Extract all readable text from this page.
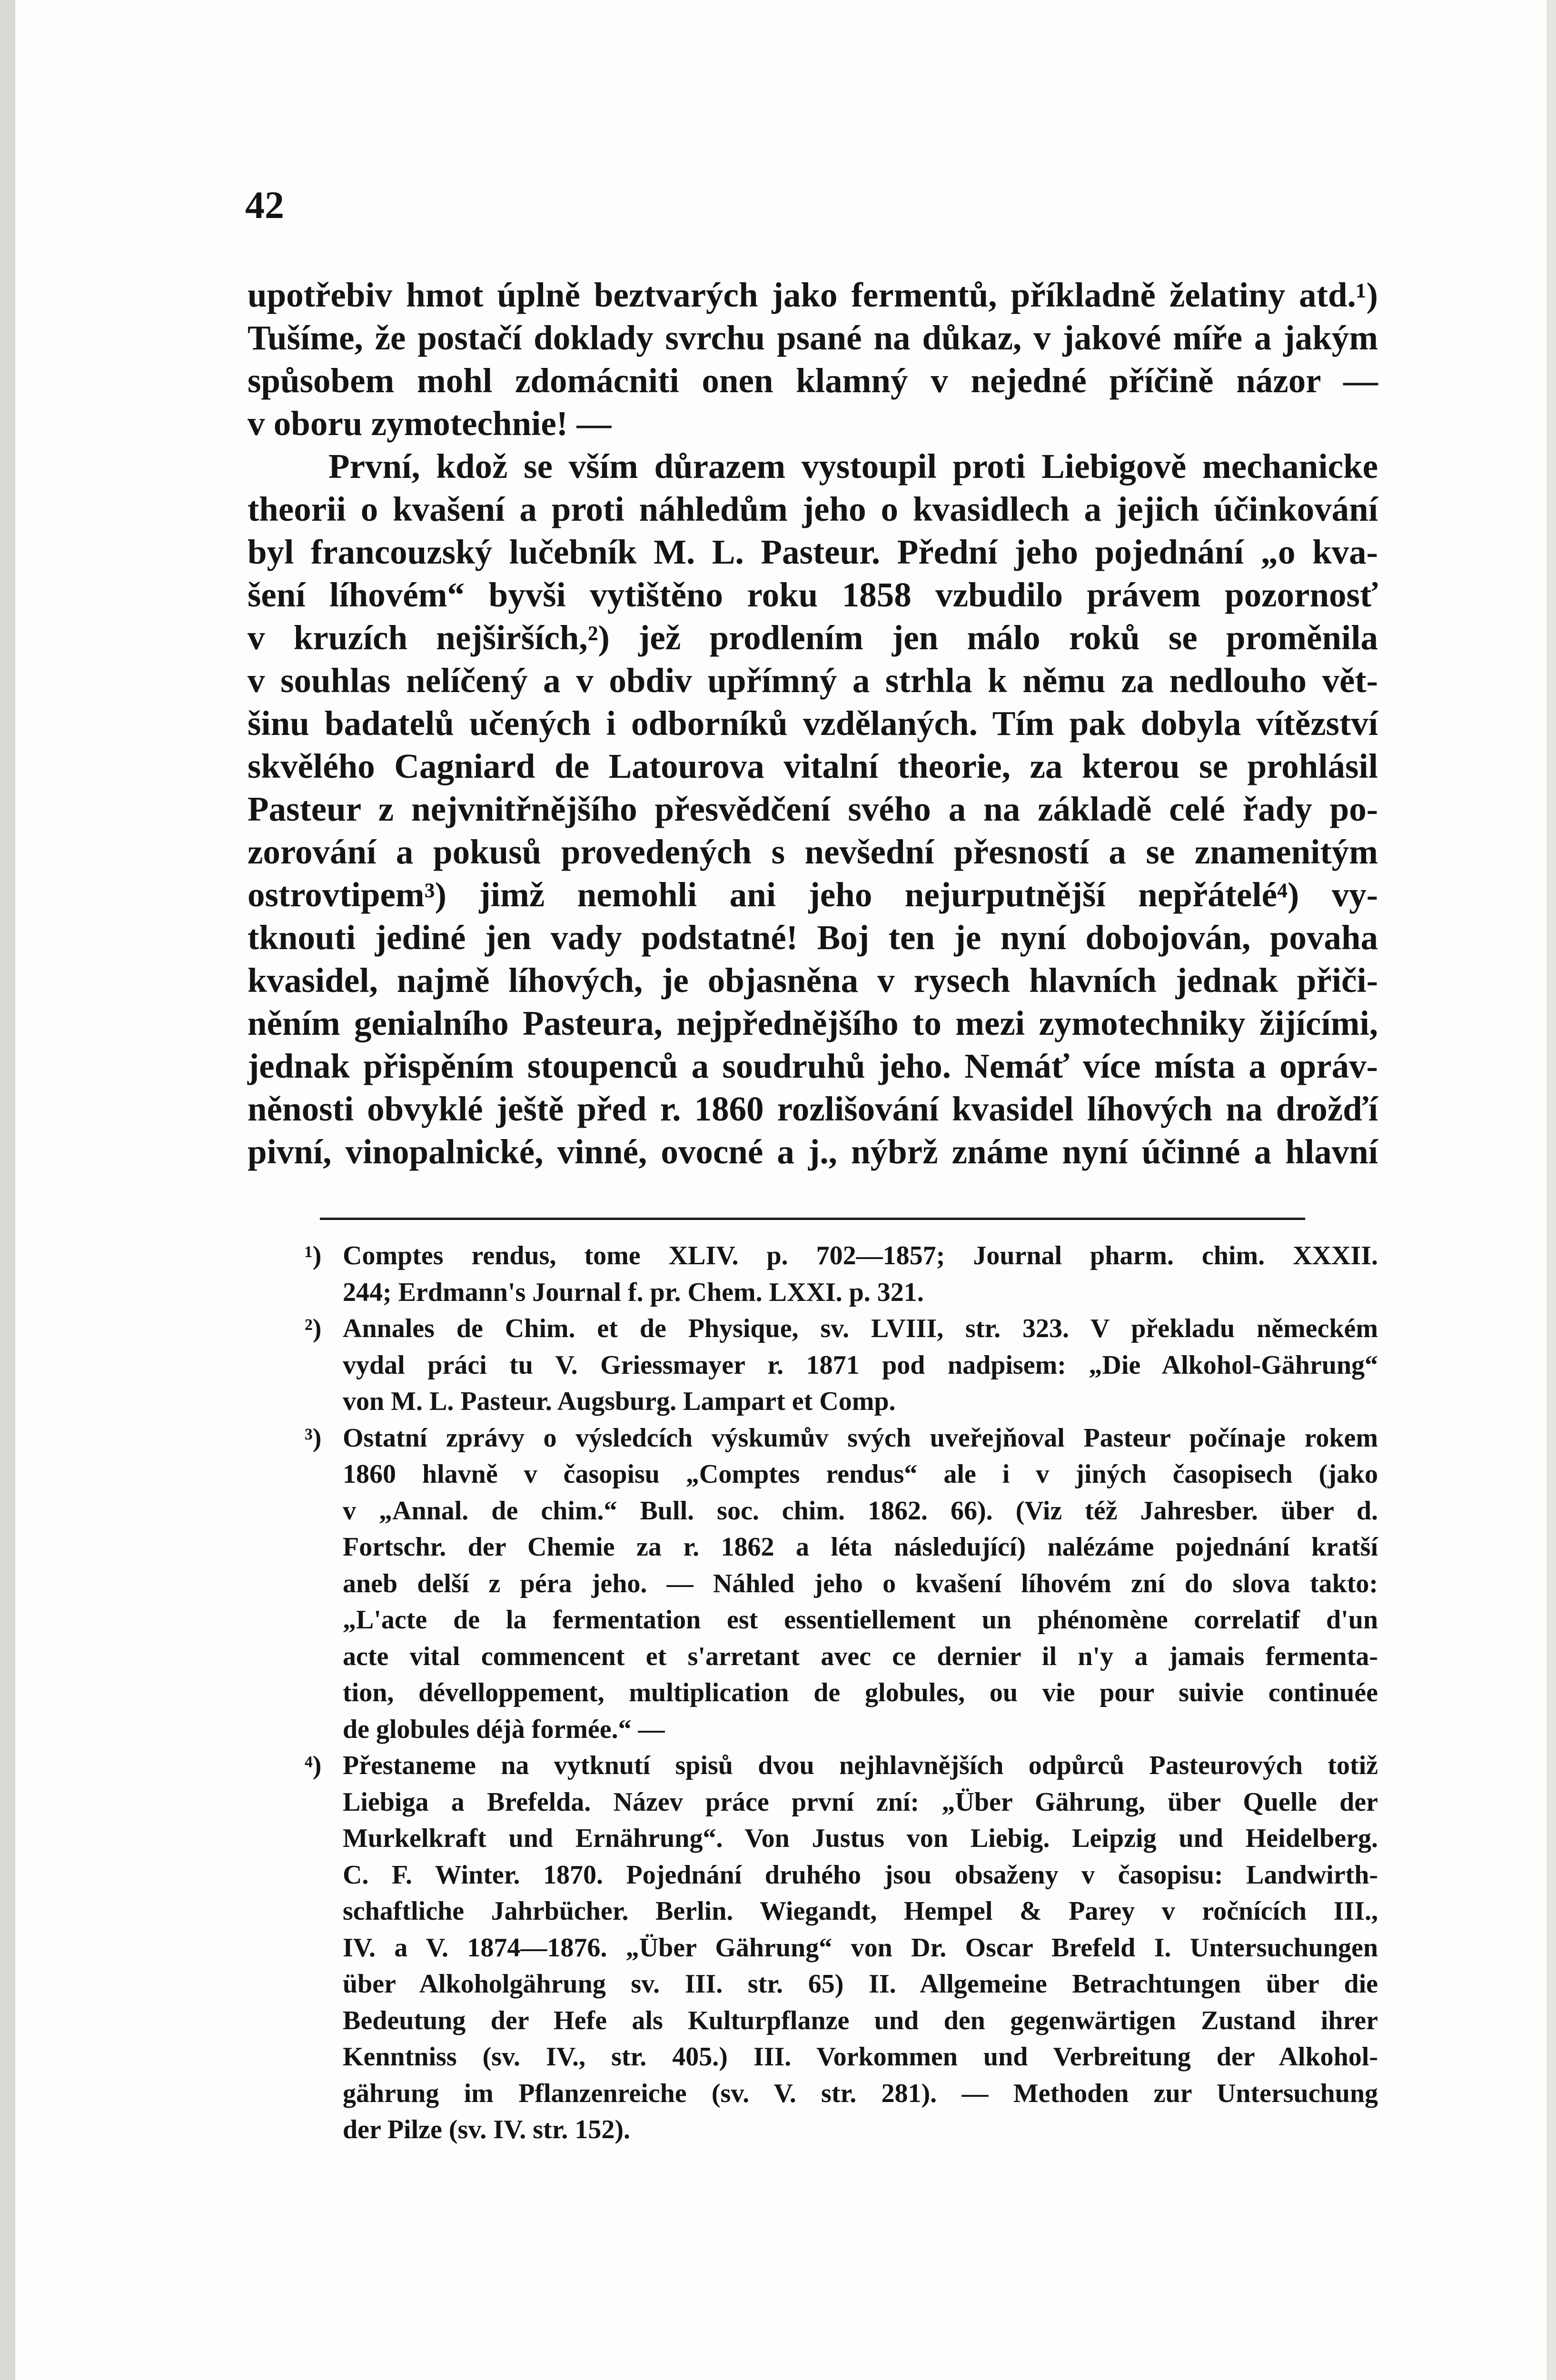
42
upotřebiv hmot úplně beztvarých jako fermentů, příkladně želatiny atd.¹)
Tušíme, že postačí doklady svrchu psané na důkaz, v jakové míře a jakým
spůsobem mohl zdomácniti onen klamný v nejedné příčině názor —
v oboru zymotechnie! —
První, kdož se vším důrazem vystoupil proti Liebigově mechanicke
theorii o kvašení a proti náhledům jeho o kvasidlech a jejich účinkování
byl francouzský lučebník M. L. Pasteur. Přední jeho pojednání „o kva-
šení líhovém“ byvši vytištěno roku 1858 vzbudilo právem pozornosť
v kruzích nejširších,²) jež prodlením jen málo roků se proměnila
v souhlas nelíčený a v obdiv upřímný a strhla k němu za nedlouho vět-
šinu badatelů učených i odborníků vzdělaných. Tím pak dobyla vítězství
skvělého Cagniard de Latourova vitalní theorie, za kterou se prohlásil
Pasteur z nejvnitřnějšího přesvědčení svého a na základě celé řady po-
zorování a pokusů provedených s nevšední přesností a se znamenitým
ostrovtipem³) jimž nemohli ani jeho nejurputnější nepřátelé⁴) vy-
tknouti jediné jen vady podstatné! Boj ten je nyní dobojován, povaha
kvasidel, najmě líhových, je objasněna v rysech hlavních jednak přiči-
něním genialního Pasteura, nejpřednějšího to mezi zymotechniky žijícími,
jednak přispěním stoupenců a soudruhů jeho. Nemáť více místa a opráv-
něnosti obvyklé ještě před r. 1860 rozlišování kvasidel líhových na drožďí
pivní, vinopalnické, vinné, ovocné a j., nýbrž známe nyní účinné a hlavní
¹) Comptes rendus, tome XLIV. p. 702—1857; Journal pharm. chim. XXXII.
244; Erdmann's Journal f. pr. Chem. LXXI. p. 321.
²) Annales de Chim. et de Physique, sv. LVIII, str. 323. V překladu německém
vydal práci tu V. Griessmayer r. 1871 pod nadpisem: „Die Alkohol-Gährung“
von M. L. Pasteur. Augsburg. Lampart et Comp.
³) Ostatní zprávy o výsledcích výskumův svých uveřejňoval Pasteur počínaje rokem
1860 hlavně v časopisu „Comptes rendus“ ale i v jiných časopisech (jako
v „Annal. de chim.“ Bull. soc. chim. 1862. 66). (Viz též Jahresber. über d.
Fortschr. der Chemie za r. 1862 a léta následující) nalézáme pojednání kratší
aneb delší z péra jeho. — Náhled jeho o kvašení líhovém zní do slova takto:
„L'acte de la fermentation est essentiellement un phénomène correlatif d'un
acte vital commencent et s'arretant avec ce dernier il n'y a jamais fermenta-
tion, dévelloppement, multiplication de globules, ou vie pour suivie continuée
de globules déjà formée.“ —
⁴) Přestaneme na vytknutí spisů dvou nejhlavnějších odpůrců Pasteurových totiž
Liebiga a Brefelda. Název práce první zní: „Über Gährung, über Quelle der
Murkelkraft und Ernährung“. Von Justus von Liebig. Leipzig und Heidelberg.
C. F. Winter. 1870. Pojednání druhého jsou obsaženy v časopisu: Landwirth-
schaftliche Jahrbücher. Berlin. Wiegandt, Hempel & Parey v ročnících III.,
IV. a V. 1874—1876. „Über Gährung“ von Dr. Oscar Brefeld I. Untersuchungen
über Alkoholgährung sv. III. str. 65) II. Allgemeine Betrachtungen über die
Bedeutung der Hefe als Kulturpflanze und den gegenwärtigen Zustand ihrer
Kenntniss (sv. IV., str. 405.) III. Vorkommen und Verbreitung der Alkohol-
gährung im Pflanzenreiche (sv. V. str. 281). — Methoden zur Untersuchung
der Pilze (sv. IV. str. 152).
